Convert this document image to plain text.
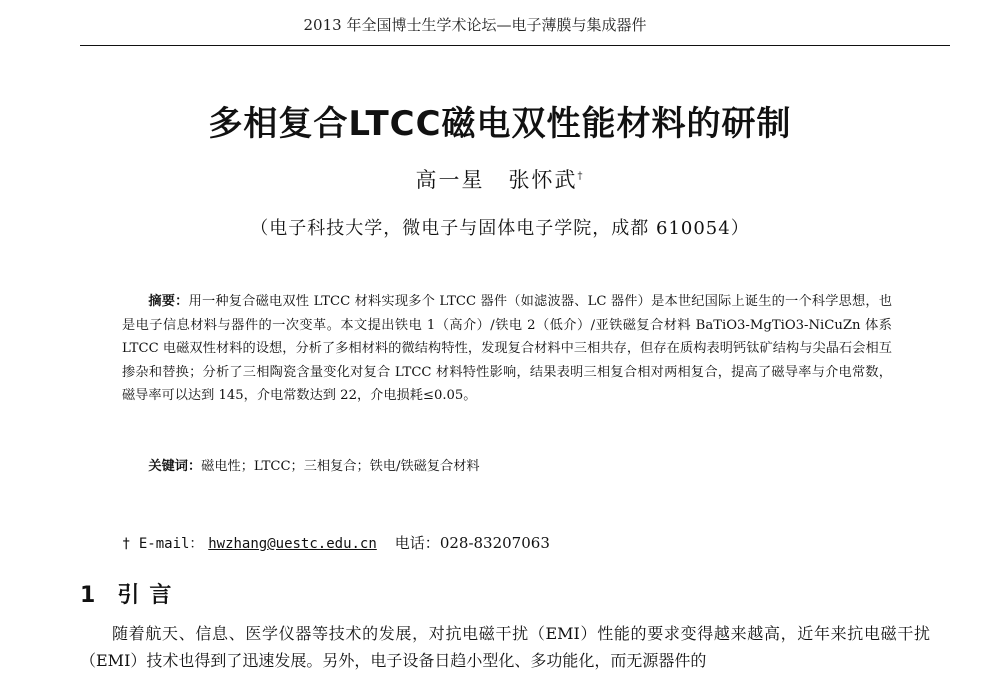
2013 年全国博士生学术论坛—电子薄膜与集成器件
多相复合LTCC磁电双性能材料的研制
高一星 张怀武†
（电子科技大学，微电子与固体电子学院，成都 610054）
摘要：用一种复合磁电双性 LTCC 材料实现多个 LTCC 器件（如滤波器、LC 器件）是本世纪国际上诞生的一个科学思想，也是电子信息材料与器件的一次变革。本文提出铁电 1（高介）/铁电 2（低介）/亚铁磁复合材料 BaTiO3-MgTiO3-NiCuZn 体系 LTCC 电磁双性材料的设想，分析了多相材料的微结构特性，发现复合材料中三相共存，但存在质构表明钙钛矿结构与尖晶石会相互掺杂和替换；分析了三相陶瓷含量变化对复合 LTCC 材料特性影响，结果表明三相复合相对两相复合，提高了磁导率与介电常数，磁导率可以达到 145，介电常数达到 22，介电损耗≤0.05。
关键词：磁电性；LTCC；三相复合；铁电/铁磁复合材料
† E-mail： hwzhang@uestc.edu.cn 电话：028-83207063
1 引言
随着航天、信息、医学仪器等技术的发展，对抗电磁干扰（EMI）性能的要求变得越来越高，近年来抗电磁干扰（EMI）技术也得到了迅速发展。另外，电子设备日趋小型化、多功能化，而无源器件的
